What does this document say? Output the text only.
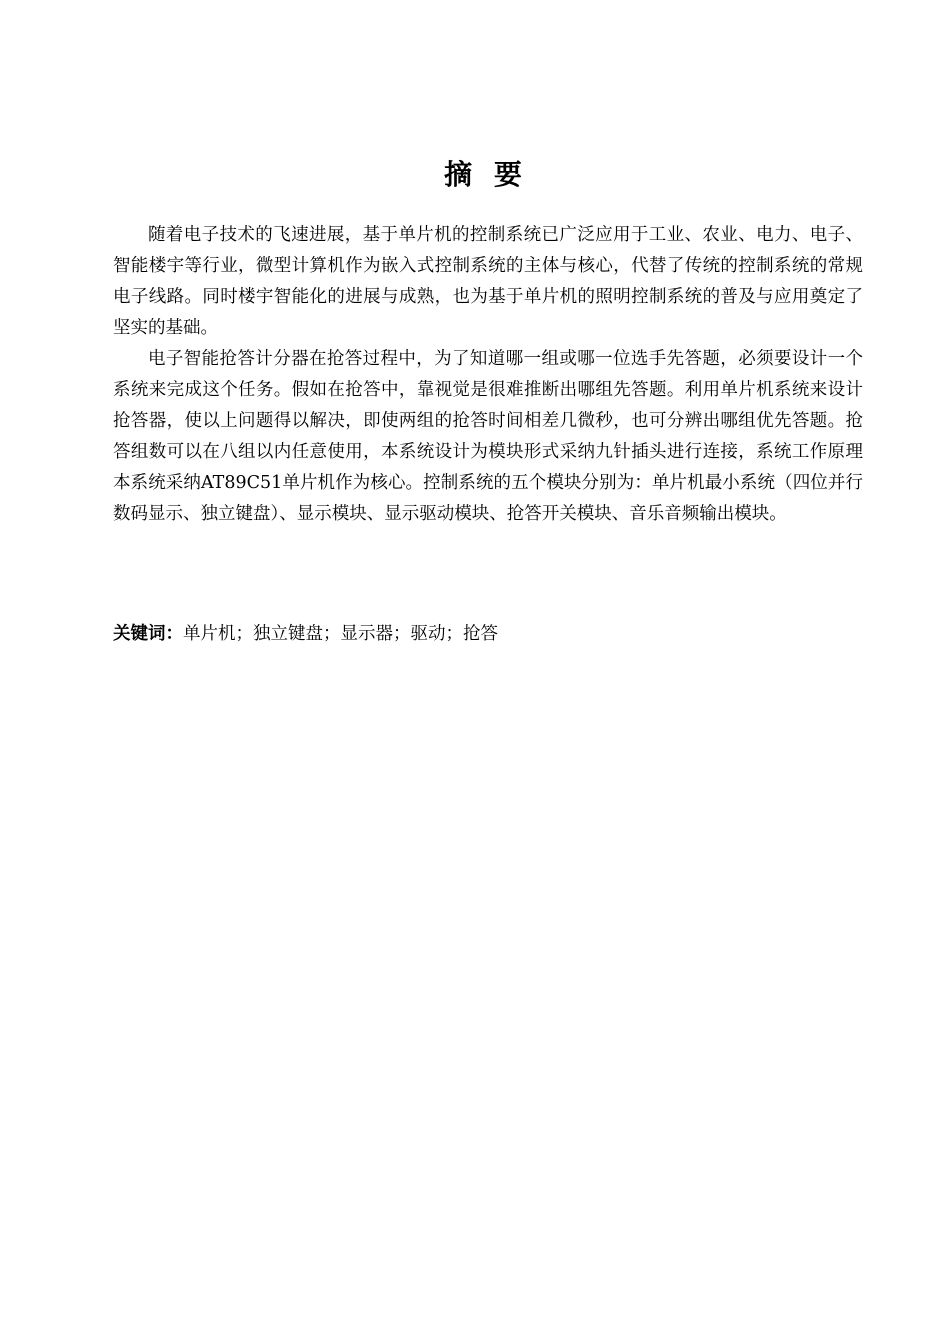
摘 要

随着电子技术的飞速进展，基于单片机的控制系统已广泛应用于工业、农业、电力、电子、智能楼宇等行业，微型计算机作为嵌入式控制系统的主体与核心，代替了传统的控制系统的常规电子线路。同时楼宇智能化的进展与成熟，也为基于单片机的照明控制系统的普及与应用奠定了坚实的基础。

电子智能抢答计分器在抢答过程中，为了知道哪一组或哪一位选手先答题，必须要设计一个系统来完成这个任务。假如在抢答中，靠视觉是很难推断出哪组先答题。利用单片机系统来设计抢答器，使以上问题得以解决，即使两组的抢答时间相差几微秒，也可分辨出哪组优先答题。抢答组数可以在八组以内任意使用，本系统设计为模块形式采纳九针插头进行连接，系统工作原理本系统采纳AT89C51单片机作为核心。控制系统的五个模块分别为：单片机最小系统（四位并行数码显示、独立键盘）、显示模块、显示驱动模块、抢答开关模块、音乐音频输出模块。

关键词：单片机；独立键盘；显示器；驱动；抢答
